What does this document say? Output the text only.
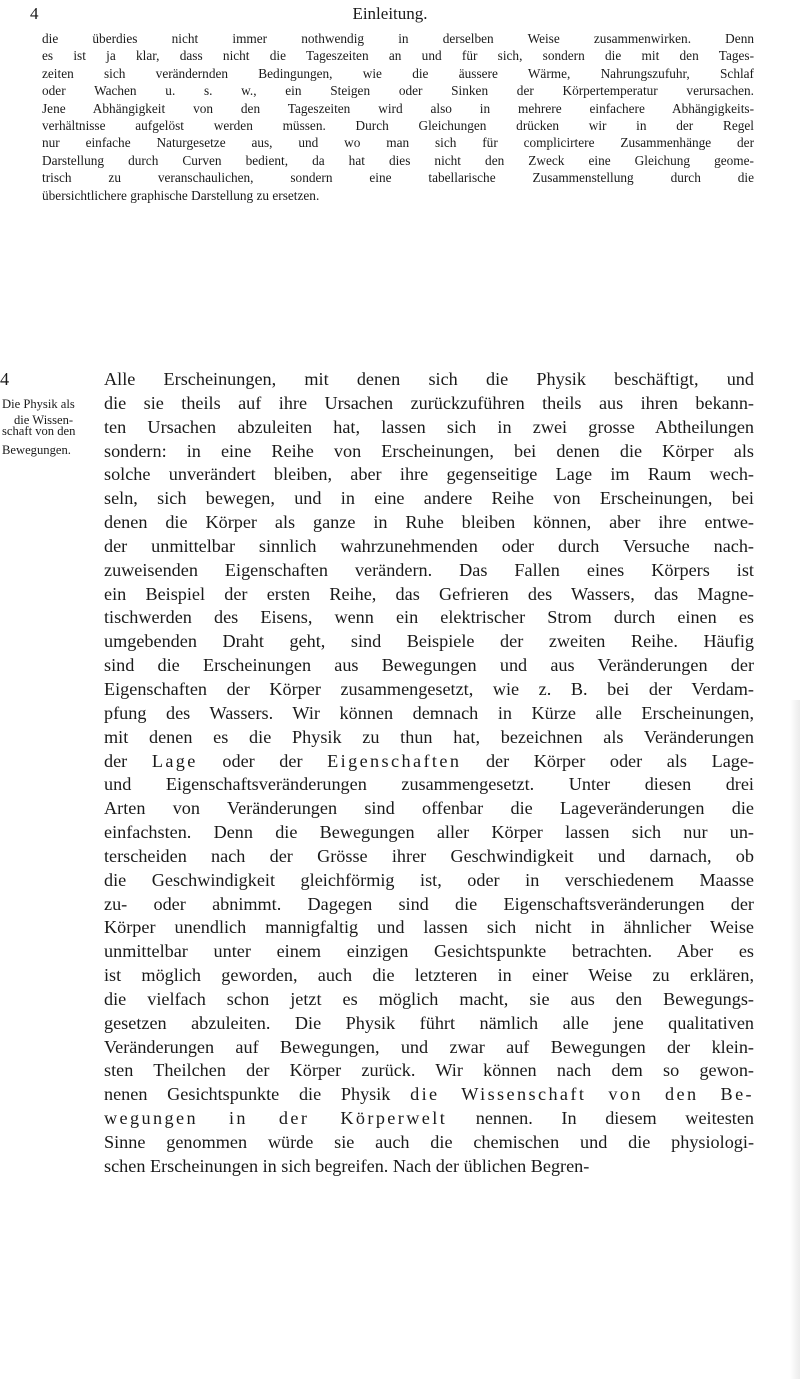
4	Einleitung.
die überdies nicht immer nothwendig in derselben Weise zusammenwirken. Denn
es ist ja klar, dass nicht die Tageszeiten an und für sich, sondern die mit den Tages-
zeiten sich verändernden Bedingungen, wie die äussere Wärme, Nahrungszufuhr, Schlaf
oder Wachen u. s. w., ein Steigen oder Sinken der Körpertemperatur verursachen.
Jene Abhängigkeit von den Tageszeiten wird also in mehrere einfachere Abhängigkeits-
verhältnisse aufgelöst werden müssen. Durch Gleichungen drücken wir in der Regel
nur einfache Naturgesetze aus, und wo man sich für complicirtere Zusammenhänge der
Darstellung durch Curven bedient, da hat dies nicht den Zweck eine Gleichung geome-
trisch zu veranschaulichen, sondern eine tabellarische Zusammenstellung durch die
übersichtlichere graphische Darstellung zu ersetzen.
Die Physik als
die Wissen-
schaft von den
Bewegungen.
4	Alle Erscheinungen, mit denen sich die Physik beschäftigt, und
die sie theils auf ihre Ursachen zurückzuführen theils aus ihren bekann-
ten Ursachen abzuleiten hat, lassen sich in zwei grosse Abtheilungen
sondern: in eine Reihe von Erscheinungen, bei denen die Körper als
solche unverändert bleiben, aber ihre gegenseitige Lage im Raum wech-
seln, sich bewegen, und in eine andere Reihe von Erscheinungen, bei
denen die Körper als ganze in Ruhe bleiben können, aber ihre entwe-
der unmittelbar sinnlich wahrzunehmenden oder durch Versuche nach-
zuweisenden Eigenschaften verändern. Das Fallen eines Körpers ist
ein Beispiel der ersten Reihe, das Gefrieren des Wassers, das Magne-
tischwerden des Eisens, wenn ein elektrischer Strom durch einen es
umgebenden Draht geht, sind Beispiele der zweiten Reihe. Häufig
sind die Erscheinungen aus Bewegungen und aus Veränderungen der
Eigenschaften der Körper zusammengesetzt, wie z. B. bei der Verdam-
pfung des Wassers. Wir können demnach in Kürze alle Erscheinungen,
mit denen es die Physik zu thun hat, bezeichnen als Veränderungen
der Lage oder der Eigenschaften der Körper oder als Lage-
und Eigenschaftsveränderungen zusammengesetzt. Unter diesen drei
Arten von Veränderungen sind offenbar die Lageveränderungen die
einfachsten. Denn die Bewegungen aller Körper lassen sich nur un-
terscheiden nach der Grösse ihrer Geschwindigkeit und darnach, ob
die Geschwindigkeit gleichförmig ist, oder in verschiedenem Maasse
zu- oder abnimmt. Dagegen sind die Eigenschaftsveränderungen der
Körper unendlich mannigfaltig und lassen sich nicht in ähnlicher Weise
unmittelbar unter einem einzigen Gesichtspunkte betrachten. Aber es
ist möglich geworden, auch die letzteren in einer Weise zu erklären,
die vielfach schon jetzt es möglich macht, sie aus den Bewegungs-
gesetzen abzuleiten. Die Physik führt nämlich alle jene qualitativen
Veränderungen auf Bewegungen, und zwar auf Bewegungen der klein-
sten Theilchen der Körper zurück. Wir können nach dem so gewon-
nenen Gesichtspunkte die Physik die Wissenschaft von den Be-
wegungen in der Körperwelt nennen. In diesem weitesten
Sinne genommen würde sie auch die chemischen und die physiologi-
schen Erscheinungen in sich begreifen. Nach der üblichen Begren-
